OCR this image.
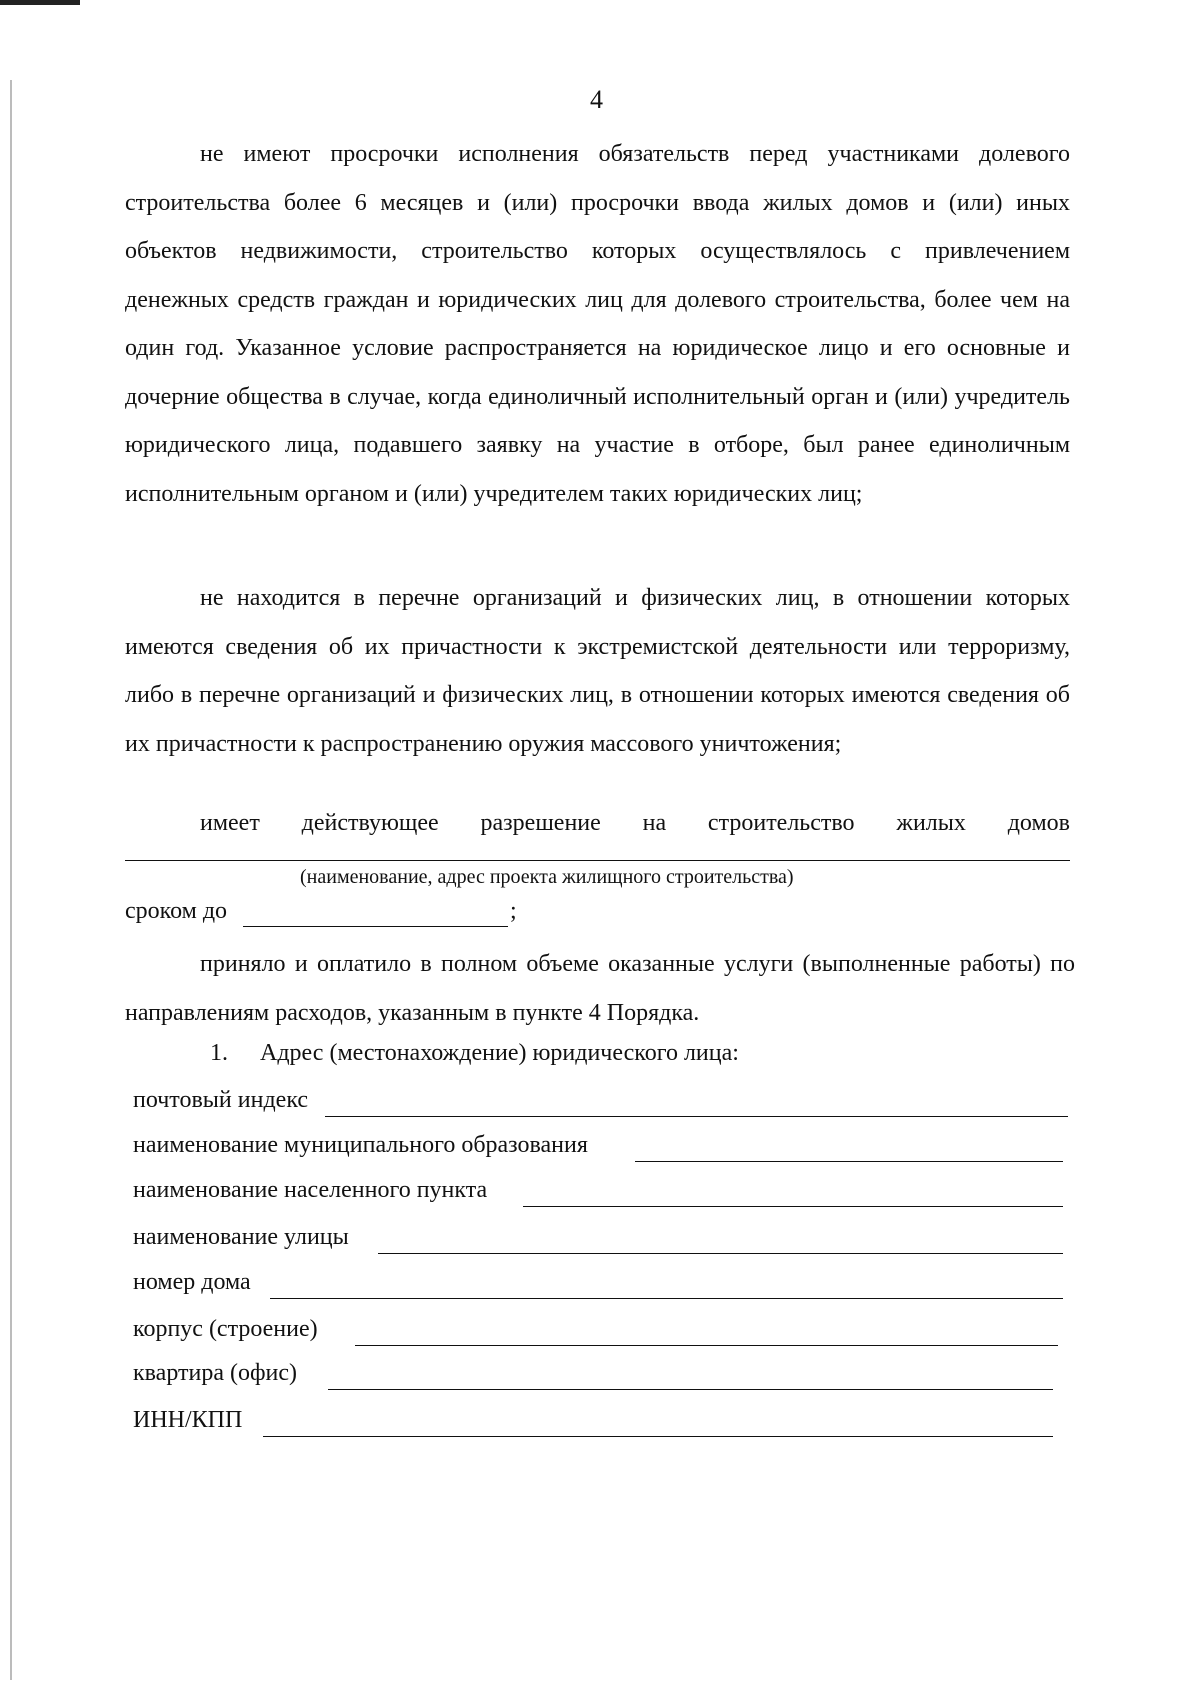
4

не имеют просрочки исполнения обязательств перед участниками долевого строительства более 6 месяцев и (или) просрочки ввода жилых домов и (или) иных объектов недвижимости, строительство которых осуществлялось с привлечением денежных средств граждан и юридических лиц для долевого строительства, более чем на один год. Указанное условие распространяется на юридическое лицо и его основные и дочерние общества в случае, когда единоличный исполнительный орган и (или) учредитель юридического лица, подавшего заявку на участие в отборе, был ранее единоличным исполнительным органом и (или) учредителем таких юридических лиц;

не находится в перечне организаций и физических лиц, в отношении которых имеются сведения об их причастности к экстремистской деятельности или терроризму, либо в перечне организаций и физических лиц, в отношении которых имеются сведения об их причастности к распространению оружия массового уничтожения;

имеет действующее разрешение на строительство жилых домов
(наименование, адрес проекта жилищного строительства)
сроком до	;

приняло и оплатило в полном объеме оказанные услуги (выполненные работы) по направлениям расходов, указанным в пункте 4 Порядка.

1. Адрес (местонахождение) юридического лица:
почтовый индекс
наименование муниципального образования
наименование населенного пункта
наименование улицы
номер дома
корпус (строение)
квартира (офис)
ИНН/КПП
